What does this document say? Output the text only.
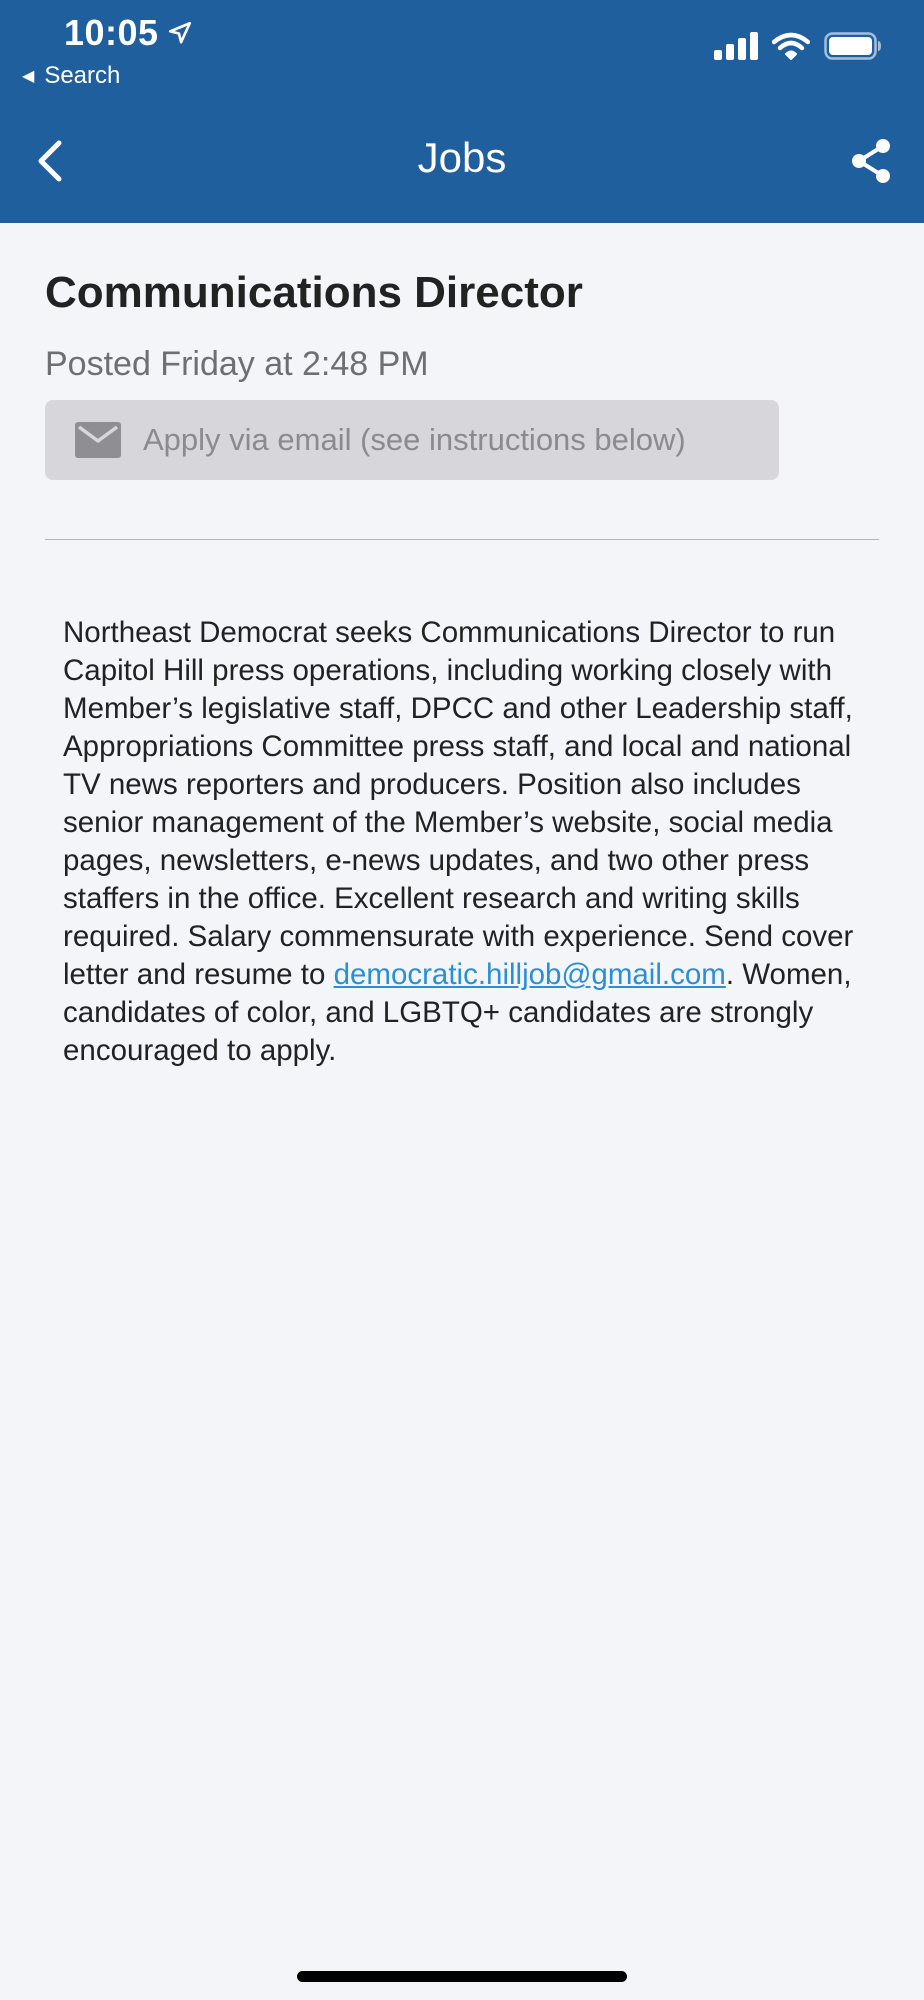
10:05
◀ Search
Jobs
Communications Director
Posted Friday at 2:48 PM
Apply via email (see instructions below)
Northeast Democrat seeks Communications Director to run Capitol Hill press operations, including working closely with Member’s legislative staff, DPCC and other Leadership staff, Appropriations Committee press staff, and local and national TV news reporters and producers. Position also includes senior management of the Member’s website, social media pages, newsletters, e-news updates, and two other press staffers in the office. Excellent research and writing skills required. Salary commensurate with experience. Send cover letter and resume to democratic.hilljob@gmail.com. Women, candidates of color, and LGBTQ+ candidates are strongly encouraged to apply.
